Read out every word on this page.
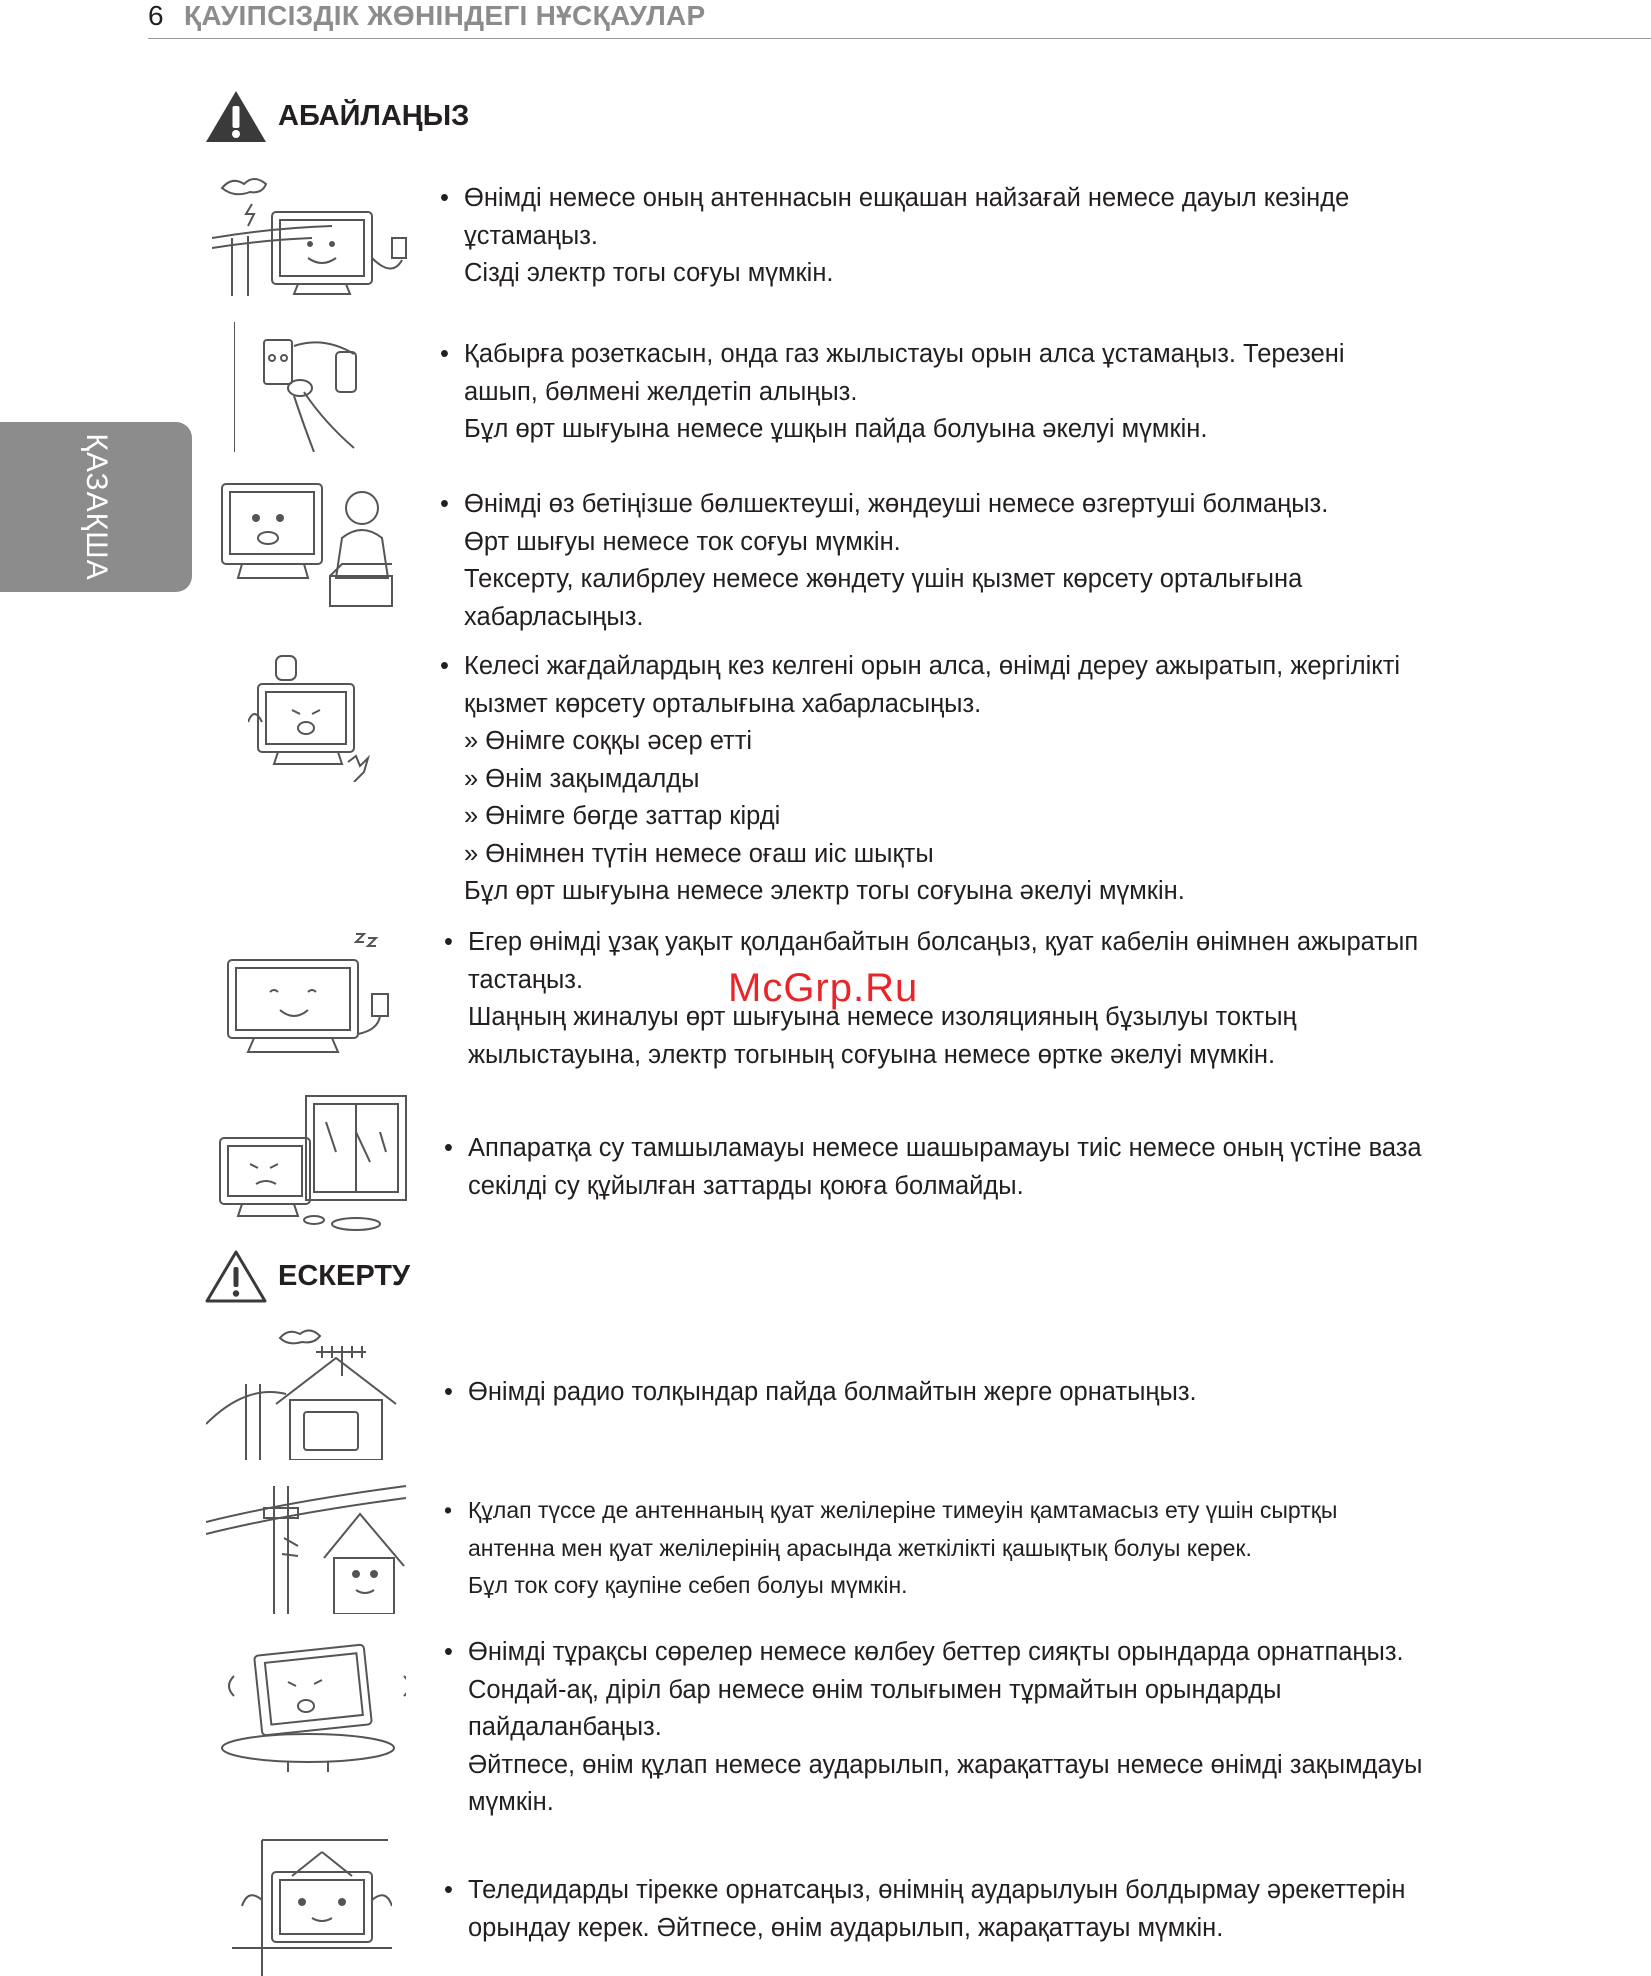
6 ҚАУІПСІЗДІК ЖӨНІНДЕГІ НҰСҚАУЛАР
ҚАЗАҚША
АБАЙЛАҢЫЗ
ЕСКЕРТУ
• Өнімді немесе оның антеннасын ешқашан найзағай немесе дауыл кезінде
ұстамаңыз.
Сізді электр тогы соғуы мүмкін.
• Қабырға розеткасын, онда газ жылыстауы орын алса ұстамаңыз. Терезені
ашып, бөлмені желдетіп алыңыз.
Бұл өрт шығуына немесе ұшқын пайда болуына әкелуі мүмкін.
• Өнімді өз бетіңізше бөлшектеуші, жөндеуші немесе өзгертуші болмаңыз.
Өрт шығуы немесе ток соғуы мүмкін.
Тексерту, калибрлеу немесе жөндету үшін қызмет көрсету орталығына
хабарласыңыз.
• Келесі жағдайлардың кез келгені орын алса, өнімді дереу ажыратып, жергілікті
қызмет көрсету орталығына хабарласыңыз.
» Өнімге соққы әсер етті
» Өнім зақымдалды
» Өнімге бөгде заттар кірді
» Өнімнен түтін немесе оғаш иіс шықты
Бұл өрт шығуына немесе электр тогы соғуына әкелуі мүмкін.
• Егер өнімді ұзақ уақыт қолданбайтын болсаңыз, қуат кабелін өнімнен ажыратып
тастаңыз.
Шаңның жиналуы өрт шығуына немесе изоляцияның бұзылуы токтың
жылыстауына, электр тогының соғуына немесе өртке әкелуі мүмкін.
• Аппаратқа су тамшыламауы немесе шашырамауы тиіс немесе оның үстіне ваза
секілді су құйылған заттарды қоюға болмайды.
• Өнімді радио толқындар пайда болмайтын жерге орнатыңыз.
• Құлап түссе де антеннаның қуат желілеріне тимеуін қамтамасыз ету үшін сыртқы
антенна мен қуат желілерінің арасында жеткілікті қашықтық болуы керек.
Бұл ток соғу қаупіне себеп болуы мүмкін.
• Өнімді тұрақсы сөрелер немесе көлбеу беттер сияқты орындарда орнатпаңыз.
Сондай-ақ, діріл бар немесе өнім толығымен тұрмайтын орындарды
пайдаланбаңыз.
Әйтпесе, өнім құлап немесе аударылып, жарақаттауы немесе өнімді зақымдауы
мүмкін.
• Теледидарды тірекке орнатсаңыз, өнімнің аударылуын болдырмау әрекеттерін
орындау керек. Әйтпесе, өнім аударылып, жарақаттауы мүмкін.
McGrp.Ru
